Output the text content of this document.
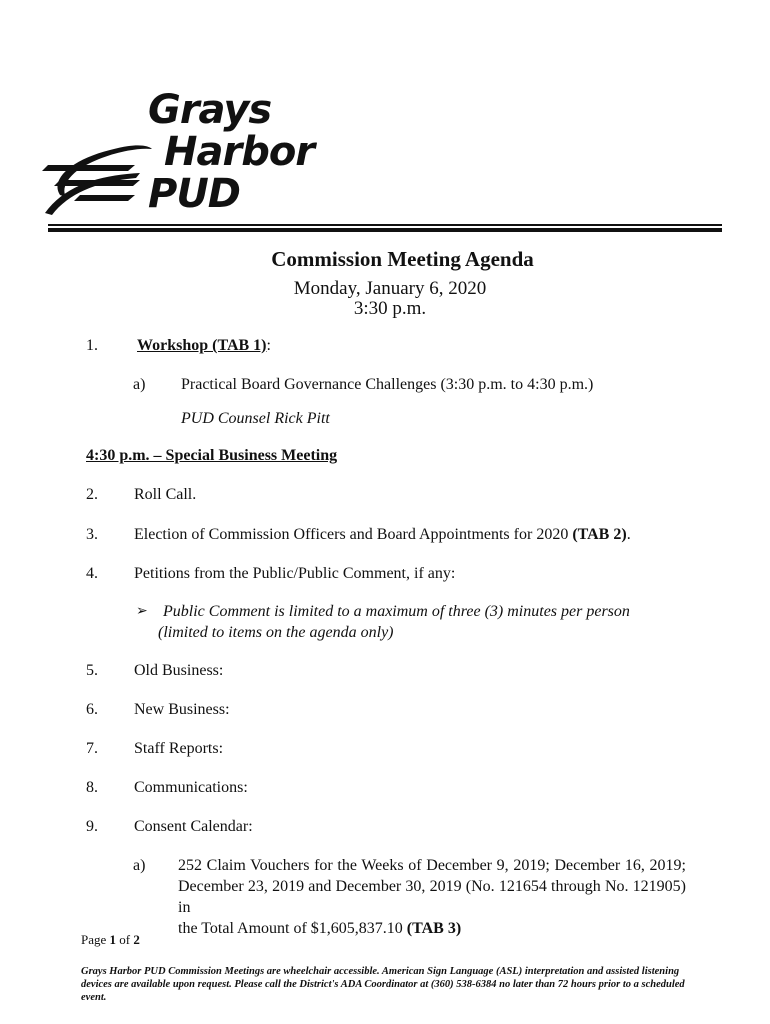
Grays
Harbor
PUD
Commission Meeting Agenda
Monday, January 6, 2020
3:30 p.m.
1. Workshop (TAB 1):
a) Practical Board Governance Challenges (3:30 p.m. to 4:30 p.m.)
PUD Counsel Rick Pitt
4:30 p.m. – Special Business Meeting
2. Roll Call.
3. Election of Commission Officers and Board Appointments for 2020 (TAB 2).
4. Petitions from the Public/Public Comment, if any:
➢ Public Comment is limited to a maximum of three (3) minutes per person
(limited to items on the agenda only)
5. Old Business:
6. New Business:
7. Staff Reports:
8. Communications:
9. Consent Calendar:
a) 252 Claim Vouchers for the Weeks of December 9, 2019; December 16, 2019;
December 23, 2019 and December 30, 2019 (No. 121654 through No. 121905) in
the Total Amount of $1,605,837.10 (TAB 3)
Page 1 of 2
Grays Harbor PUD Commission Meetings are wheelchair accessible. American Sign Language (ASL) interpretation and assisted listening devices are available upon request. Please call the District's ADA Coordinator at (360) 538-6384 no later than 72 hours prior to a scheduled event.
